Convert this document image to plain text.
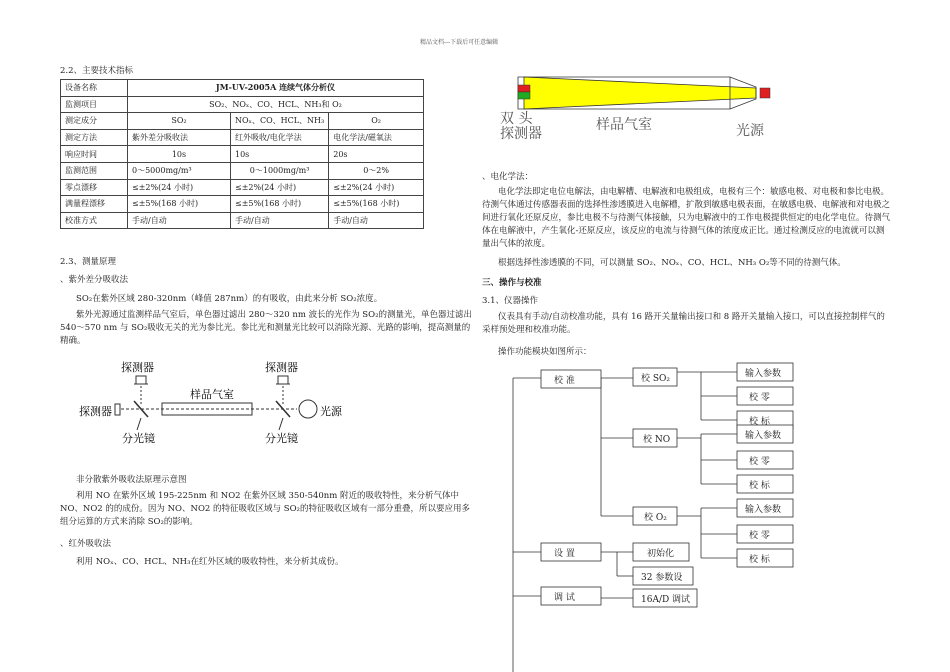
精品文档---下载后可任意编辑
2.2、主要技术指标
设备名称	JM-UV-2005A 连续气体分析仪		
监测项目	SO₂、NOₓ、CO、HCL、NH₃和 O₂		
测定成分	SO₂	NOₓ、CO、HCL、NH₃	O₂
测定方法	紫外差分吸收法	红外吸收/电化学法	电化学法/磁氧法
响应时间	10s	10s	20s
监测范围	0～5000mg/m³	0～1000mg/m³	0～2%
零点漂移	≤±2%(24 小时)	≤±2%(24 小时)	≤±2%(24 小时)
满量程漂移	≤±5%(168 小时)	≤±5%(168 小时)	≤±5%(168 小时)
校准方式	手动/自动	手动/自动	手动/自动
2.3、测量原理
、紫外差分吸收法
SO₂在紫外区域 280-320nm（峰值 287nm）的有吸收，由此来分析 SO₂浓度。
紫外光源通过监测样品气室后，单色器过滤出 280～320 nm 波长的光作为 SO₂的测量光，单色器过滤出 540～570 nm 与 SO₂吸收无关的光为参比光。参比光和测量光比较可以消除光源、光路的影响，提高测量的精确。
探测器	探测器
探测器
样品气室
光源
分光镜	分光镜
非分散紫外吸收法原理示意图
利用 NO 在紫外区域 195-225nm 和 NO2 在紫外区域 350-540nm 附近的吸收特性，来分析气体中 NO、NO2 的的成份。因为 NO、NO2 的特征吸收区域与 SO₂的特征吸收区域有一部分重叠，所以要应用多组分运算的方式来消除 SO₂的影响。
、红外吸收法
利用 NOₓ、CO、HCL、NH₃在红外区域的吸收特性，来分析其成份。
双 头
探测器
样品气室	光源
、电化学法：
电化学法即定电位电解法，由电解槽、电解液和电极组成，电极有三个：敏感电极、对电极和参比电极。待测气体通过传感器表面的选择性渗透膜进入电解槽，扩散到敏感电极表面，在敏感电极、电解液和对电极之间进行氧化还原反应，参比电极不与待测气体接触，只为电解液中的工作电极提供恒定的电化学电位。待测气体在电解液中，产生氧化-还原反应，该反应的电流与待测气体的浓度成正比。通过检测反应的电流就可以测量出气体的浓度。
根据选择性渗透膜的不同，可以测量 SO₂、NOₓ、CO、HCL、NH₃ O₂等不同的待测气体。
三、操作与校准
3.1、仪器操作
仪表具有手动/自动校准功能，具有 16 路开关量输出接口和 8 路开关量输入接口，可以直接控制样气的采样预处理和校准功能。
操作功能模块如图所示：
校 准	校 SO₂	输入参数
校 零
校 标
校 NO	输入参数
校 零
校 标
校 O₂
输入参数
校 零
校 标
设 置	初始化
32 参数设
调 试	16A/D 调试
